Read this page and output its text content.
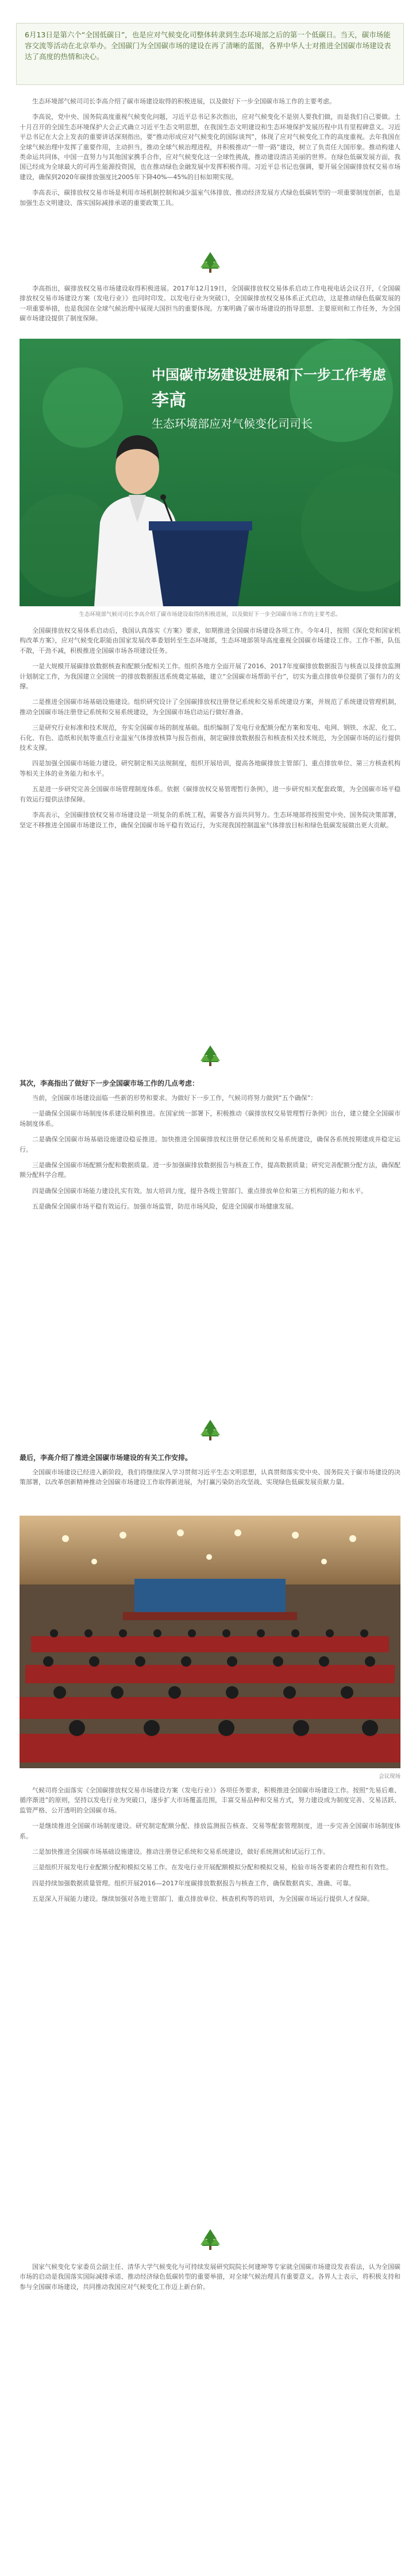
6月13日是第六个“全国低碳日”，也是应对气候变化司整体转隶到生态环境部之后的第一个低碳日。当天，碳市场能容交流等活动在北京举办。全国碳门为全国碳市场的建设在再了清晰的蓝图，各界中华人士对推进全国碳市场建设表达了高度的热情和决心。

生态环境部气候司司长李高介绍了碳市场建设取得的积极进展，以及做好下一步全国碳市场工作的主要考虑。

李高说，党中央、国务院高度重视气候变化问题，习近平总书记多次指出，应对气候变化不是别人要我们做，而是我们自己要做。土十月召开的全国生态环境保护大会正式确立习近平生态文明思想，在我国生态文明建设和生态环境保护发展历程中具有里程碑意义。习近平总书记在大会上发表的重要讲话深刻指出，要“推动形成应对气候变化的国际谈判”，体现了应对气候变化工作的高度重视。去年我国在全球气候治理中发挥了重要作用，主动担当，推动全球气候治理进程，并积极推动“一带一路”建设，树立了负责任大国形象。推动构建人类命运共同体，中国一直努力与其他国家携手合作，应对气候变化这一全球性挑战，推动建设清洁美丽的世界。在绿色低碳发展方面，我国已经成为全球最大的可再生能源投资国，也在推动绿色金融发展中发挥积极作用。习近平总书记也强调，要开展全国碳排放权交易市场建设，确保到2020年碳排放强度比2005年下降40%—45%的目标如期实现。

李高表示，碳排放权交易市场是利用市场机制控制和减少温室气体排放、推动经济发展方式绿色低碳转型的一项重要制度创新，也是加强生态文明建设、落实国际减排承诺的重要政策工具。

李高指出，碳排放权交易市场建设取得积极进展。2017年12月19日，全国碳排放权交易体系启动工作电视电话会议召开，《全国碳排放权交易市场建设方案（发电行业）》也同时印发。以发电行业为突破口，全国碳排放权交易体系正式启动，这是推动绿色低碳发展的一项重要举措，也是我国在全球气候治理中展现大国担当的重要体现。方案明确了碳市场建设的指导思想、主要原则和工作任务，为全国碳市场建设提供了制度保障。

中国碳市场建设进展和下一步工作考虑
李高
生态环境部应对气候变化司司长
生态环境部气候司司长李高介绍了碳市场建设取得的积极进展，以及做好下一步全国碳市场工作的主要考虑。

全国碳排放权交易体系启动后，我国认真落实《方案》要求，如期推进全国碳市场建设各项工作。今年4月，按照《深化党和国家机构改革方案》，应对气候变化职能由国家发展改革委划转至生态环境部，生态环境部领导高度重视全国碳市场建设工作。工作不断，队伍不散，干劲不减，积极推进全国碳市场各项建设任务。

一是大规模开展碳排放数据核查和配额分配相关工作。组织各地方全面开展了2016、2017年度碳排放数据报告与核查以及排放监测计划制定工作，为我国建立全国统一的排放数据报送系统奠定基础，建立“全国碳市场帮助平台”，切实为重点排放单位提供了强有力的支撑。

二是推进全国碳市场基础设施建设。组织研究设计了全国碳排放权注册登记系统和交易系统建设方案，并规范了系统建设管理机制，推动全国碳市场注册登记系统和交易系统建设，为全国碳市场启动运行做好准备。

三是研究行业标准和技术规范，夯实全国碳市场的制度基础。组织编制了发电行业配额分配方案和发电、电网、钢铁、水泥、化工、石化、有色、造纸和民航等重点行业温室气体排放核算与报告指南，制定碳排放数据报告和核查相关技术规范，为全国碳市场的运行提供技术支撑。

四是加强全国碳市场能力建设。研究制定相关法规制度，组织开展培训，提高各地碳排放主管部门、重点排放单位、第三方核查机构等相关主体的业务能力和水平。

五是进一步研究完善全国碳市场管理制度体系。依据《碳排放权交易管理暂行条例》，进一步研究相关配套政策，为全国碳市场平稳有效运行提供法律保障。

李高表示，全国碳排放权交易市场建设是一项复杂的系统工程，需要各方面共同努力。生态环境部将按照党中央、国务院决策部署，坚定不移推进全国碳市场建设工作，确保全国碳市场平稳有效运行，为实现我国控制温室气体排放目标和绿色低碳发展做出更大贡献。

其次，李高指出了做好下一步全国碳市场工作的几点考虑：

当前，全国碳市场建设面临一些新的形势和要求。为做好下一步工作，气候司将努力做到“五个确保”：

一是确保全国碳市场制度体系建设顺利推进。在国家统一部署下，积极推动《碳排放权交易管理暂行条例》出台，建立健全全国碳市场制度体系。

二是确保全国碳市场基础设施建设稳妥推进。加快推进全国碳排放权注册登记系统和交易系统建设，确保各系统按期建成并稳定运行。

三是确保全国碳市场配额分配和数据质量。进一步加强碳排放数据报告与核查工作，提高数据质量；研究完善配额分配方法，确保配额分配科学合理。

四是确保全国碳市场能力建设扎实有效。加大培训力度，提升各级主管部门、重点排放单位和第三方机构的能力和水平。

五是确保全国碳市场平稳有效运行。加强市场监管，防范市场风险，促进全国碳市场健康发展。

最后，李高介绍了推进全国碳市场建设的有关工作安排。

全国碳市场建设已经进入新阶段，我们将继续深入学习贯彻习近平生态文明思想，认真贯彻落实党中央、国务院关于碳市场建设的决策部署，以改革创新精神推动全国碳市场建设工作取得新进展，为打赢污染防治攻坚战、实现绿色低碳发展贡献力量。

会议现场

气候司将全面落实《全国碳排放权交易市场建设方案（发电行业）》各项任务要求，积极推进全国碳市场建设工作。按照“先易后难、循序渐进”的原则，坚持以发电行业为突破口，逐步扩大市场覆盖范围，丰富交易品种和交易方式，努力建设成为制度完善、交易活跃、监管严格、公开透明的全国碳市场。

一是继续推进全国碳市场制度建设。研究制定配额分配、排放监测报告核查、交易等配套管理制度，进一步完善全国碳市场制度体系。

二是加快推进全国碳市场基础设施建设。推动注册登记系统和交易系统建设，做好系统测试和试运行工作。

三是组织开展发电行业配额分配和模拟交易工作。在发电行业开展配额模拟分配和模拟交易，检验市场各要素的合理性和有效性。

四是持续加强数据质量管理。组织开展2016—2017年度碳排放数据报告与核查工作，确保数据真实、准确、可靠。

五是深入开展能力建设。继续加强对各地主管部门、重点排放单位、核查机构等的培训，为全国碳市场运行提供人才保障。

国家气候变化专家委员会副主任、清华大学气候变化与可持续发展研究院院长何建坤等专家就全国碳市场建设发表看法，认为全国碳市场的启动是我国落实国际减排承诺、推动经济绿色低碳转型的重要举措，对全球气候治理具有重要意义。各界人士表示，将积极支持和参与全国碳市场建设，共同推动我国应对气候变化工作迈上新台阶。
